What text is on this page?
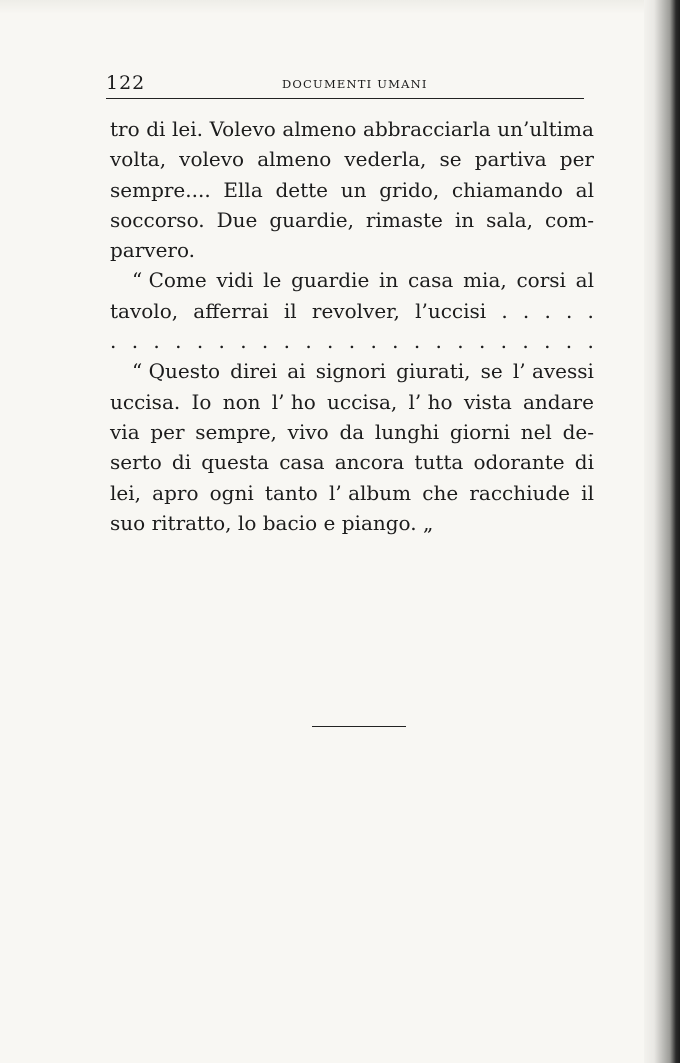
122	DOCUMENTI UMANI
tro di lei. Volevo almeno abbracciarla un’ultima
volta, volevo almeno vederla, se partiva per
sempre.... Ella dette un grido, chiamando al
soccorso. Due guardie, rimaste in sala, com-
parvero.
“ Come vidi le guardie in casa mia, corsi al
tavolo, afferrai il revolver, l’uccisi . . . . .
. . . . . . . . . . . . . . . . . . . . . . .
“ Questo direi ai signori giurati, se l’ avessi
uccisa. Io non l’ ho uccisa, l’ ho vista andare
via per sempre, vivo da lunghi giorni nel de-
serto di questa casa ancora tutta odorante di
lei, apro ogni tanto l’ album che racchiude il
suo ritratto, lo bacio e piango. „
